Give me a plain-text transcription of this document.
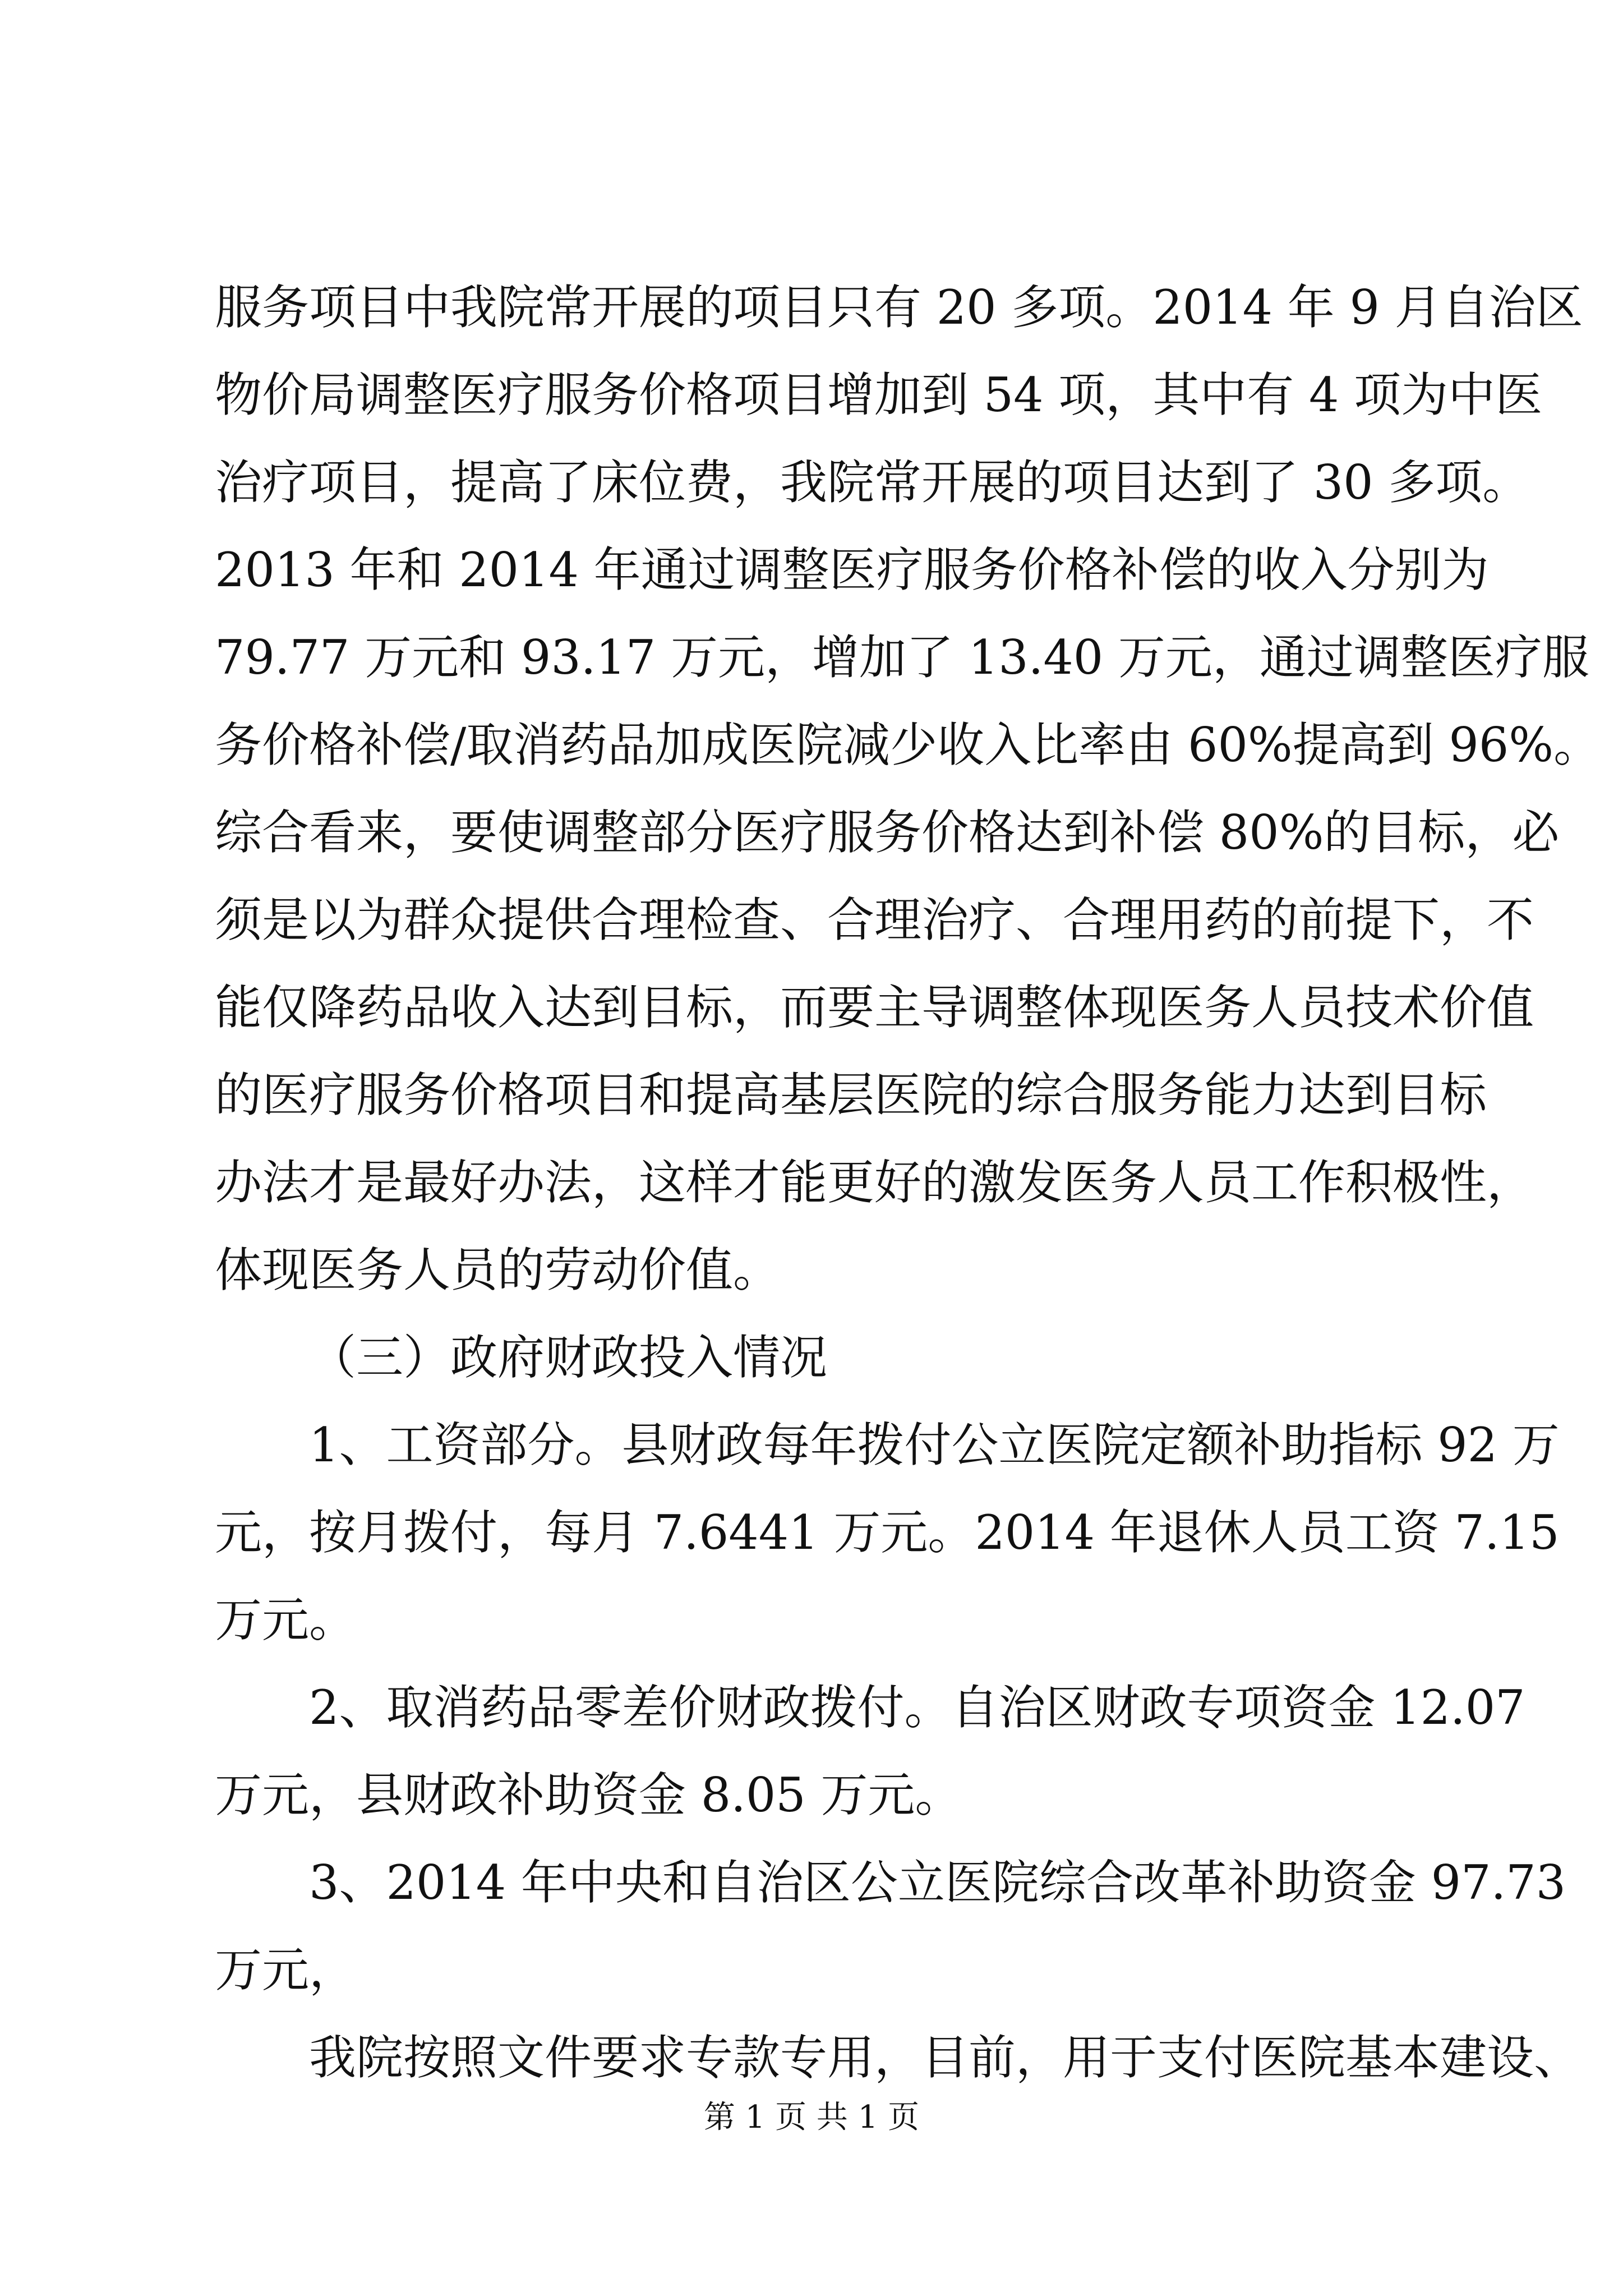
服务项目中我院常开展的项目只有 20 多项。2014 年 9 月自治区
物价局调整医疗服务价格项目增加到 54 项，其中有 4 项为中医
治疗项目，提高了床位费，我院常开展的项目达到了 30 多项。
2013 年和 2014 年通过调整医疗服务价格补偿的收入分别为
79.77 万元和 93.17 万元，增加了 13.40 万元，通过调整医疗服
务价格补偿/取消药品加成医院减少收入比率由 60%提高到 96%。
综合看来，要使调整部分医疗服务价格达到补偿 80%的目标，必
须是以为群众提供合理检查、合理治疗、合理用药的前提下，不
能仅降药品收入达到目标，而要主导调整体现医务人员技术价值
的医疗服务价格项目和提高基层医院的综合服务能力达到目标
办法才是最好办法，这样才能更好的激发医务人员工作积极性，
体现医务人员的劳动价值。
（三）政府财政投入情况
1、工资部分。县财政每年拨付公立医院定额补助指标 92 万
元，按月拨付，每月 7.6441 万元。2014 年退休人员工资 7.15
万元。
2、取消药品零差价财政拨付。自治区财政专项资金 12.07
万元，县财政补助资金 8.05 万元。
3、2014 年中央和自治区公立医院综合改革补助资金 97.73
万元，
我院按照文件要求专款专用，目前，用于支付医院基本建设、
第 1 页 共 1 页
